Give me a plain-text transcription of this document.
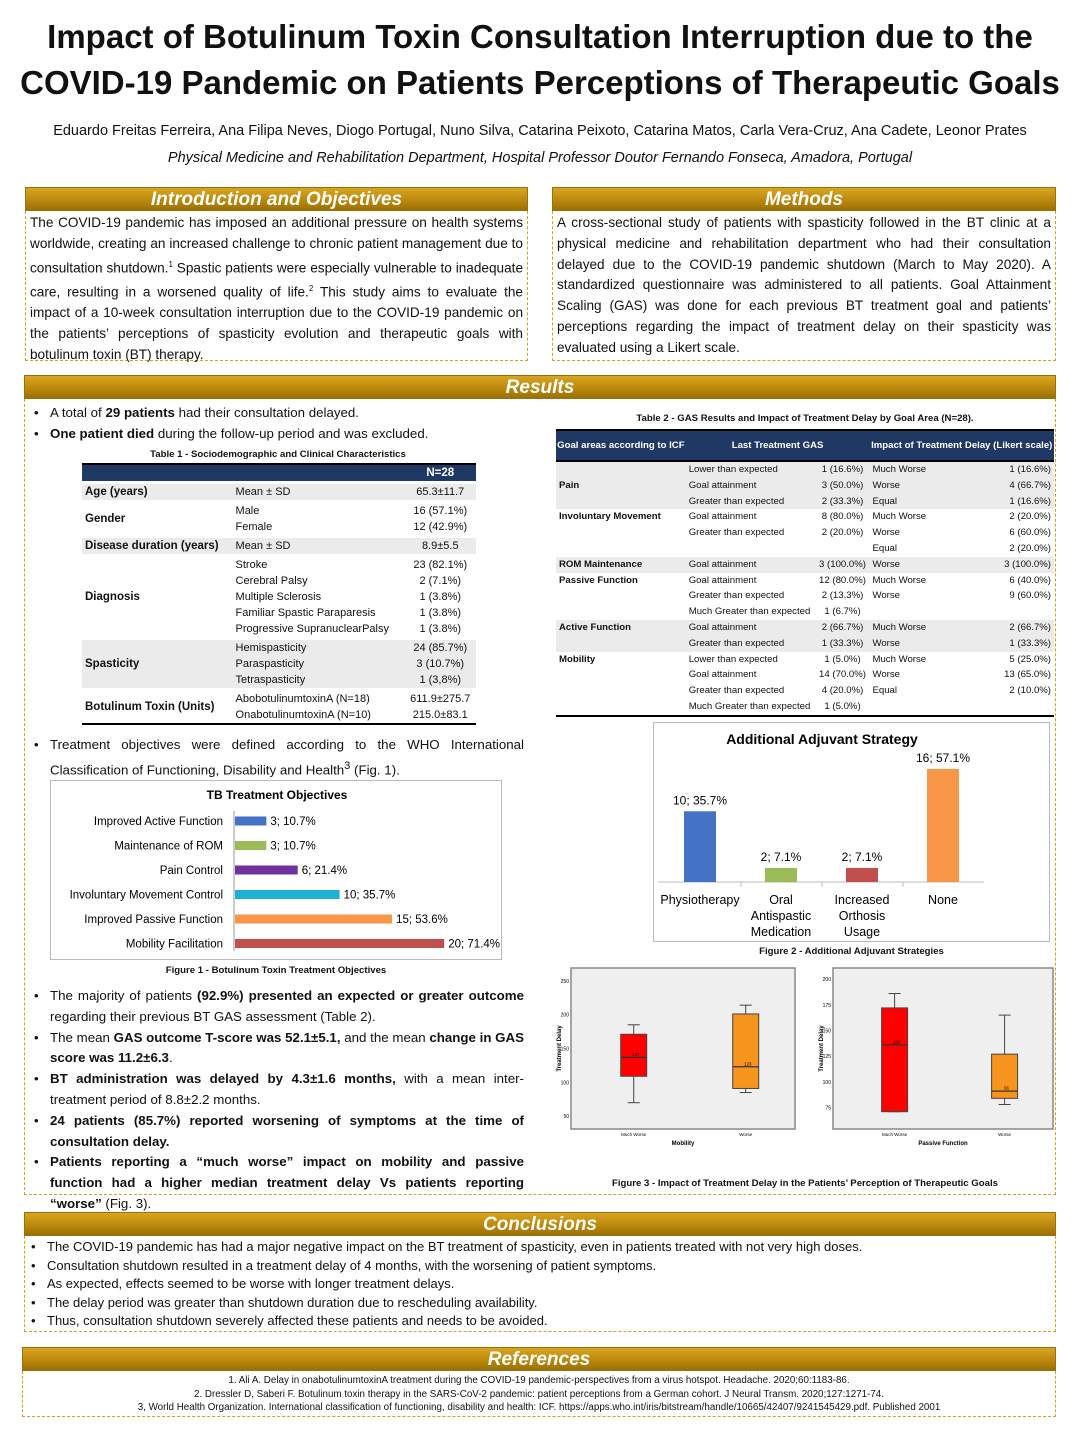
Impact of Botulinum Toxin Consultation Interruption due to the
COVID-19 Pandemic on Patients Perceptions of Therapeutic Goals
Eduardo Freitas Ferreira, Ana Filipa Neves, Diogo Portugal, Nuno Silva, Catarina Peixoto, Catarina Matos, Carla Vera-Cruz, Ana Cadete, Leonor Prates
Physical Medicine and Rehabilitation Department, Hospital Professor Doutor Fernando Fonseca, Amadora, Portugal
Introduction and Objectives
The COVID-19 pandemic has imposed an additional pressure on health systems worldwide, creating an increased challenge to chronic patient management due to consultation shutdown.$^1$ Spastic patients were especially vulnerable to inadequate care, resulting in a worsened quality of life.$^2$ This study aims to evaluate the impact of a 10-week consultation interruption due to the COVID-19 pandemic on the patients’ perceptions of spasticity evolution and therapeutic goals with botulinum toxin (BT) therapy.
Methods
A cross-sectional study of patients with spasticity followed in the BT clinic at a physical medicine and rehabilitation department who had their consultation delayed due to the COVID-19 pandemic shutdown (March to May 2020). A standardized questionnaire was administered to all patients. Goal Attainment Scaling (GAS) was done for each previous BT treatment goal and patients’ perceptions regarding the impact of treatment delay on their spasticity was evaluated using a Likert scale.
Results
• A total of 29 patients had their consultation delayed.
• One patient died during the follow-up period and was excluded.
Table 1 - Sociodemographic and Clinical Characteristics
		N=28
Age (years)	Mean ± SD	65.3±11.7
Gender	Male	16 (57.1%)
	Female	12 (42.9%)
Disease duration (years)	Mean ± SD	8.9±5.5
Diagnosis	Stroke	23 (82.1%)
	Cerebral Palsy	2 (7.1%)
	Multiple Sclerosis	1 (3.8%)
	Familiar Spastic Paraparesis	1 (3.8%)
	Progressive SupranuclearPalsy	1 (3.8%)
Spasticity	Hemispasticity	24 (85.7%)
	Paraspasticity	3 (10.7%)
	Tetraspasticity	1 (3,8%)
Botulinum Toxin (Units)	AbobotulinumtoxinA (N=18)	611.9±275.7
	OnabotulinumtoxinA (N=10)	215.0±83.1
• Treatment objectives were defined according to the WHO International Classification of Functioning, Disability and Health$^3$ (Fig. 1).
TB Treatment Objectives
Improved Active Function	3; 10.7%
Maintenance of ROM	3; 10.7%
Pain Control	6; 21.4%
Involuntary Movement Control	10; 35.7%
Improved Passive Function	15; 53.6%
Mobility Facilitation	20; 71.4%
Figure 1 - Botulinum Toxin Treatment Objectives
• The majority of patients (92.9%) presented an expected or greater outcome regarding their previous BT GAS assessment (Table 2).
• The mean GAS outcome T-score was 52.1±5.1, and the mean change in GAS score was 11.2±6.3.
• BT administration was delayed by 4.3±1.6 months, with a mean inter-treatment period of 8.8±2.2 months.
• 24 patients (85.7%) reported worsening of symptoms at the time of consultation delay.
• Patients reporting a “much worse” impact on mobility and passive function had a higher median treatment delay Vs patients reporting “worse” (Fig. 3).
Table 2 - GAS Results and Impact of Treatment Delay by Goal Area (N=28).
Goal areas according to ICF	Last Treatment GAS		Impact of Treatment Delay (Likert scale)	
Pain	Lower than expected	1 (16.6%)	Much Worse	1 (16.6%)
	Goal attainment	3 (50.0%)	Worse	4 (66.7%)
	Greater than expected	2 (33.3%)	Equal	1 (16.6%)
Involuntary Movement	Goal attainment	8 (80.0%)	Much Worse	2 (20.0%)
	Greater than expected	2 (20.0%)	Worse	6 (60.0%)
			Equal	2 (20.0%)
ROM Maintenance	Goal attainment	3 (100.0%)	Worse	3 (100.0%)
Passive Function	Goal attainment	12 (80.0%)	Much Worse	6 (40.0%)
	Greater than expected	2 (13.3%)	Worse	9 (60.0%)
	Much Greater than expected	1 (6.7%)		
Active Function	Goal attainment	2 (66.7%)	Much Worse	2 (66.7%)
	Greater than expected	1 (33.3%)	Worse	1 (33.3%)
Mobility	Lower than expected	1 (5.0%)	Much Worse	5 (25.0%)
	Goal attainment	14 (70.0%)	Worse	13 (65.0%)
	Greater than expected	4 (20.0%)	Equal	2 (10.0%)
	Much Greater than expected	1 (5.0%)		
Additional Adjuvant Strategy
10; 35.7%
Physiotherapy
2; 7.1%
Oral
Antispastic
Medication
2; 7.1%
Increased
Orthosis
Usage
16; 57.1%
None
Figure 2 - Additional Adjuvant Strategies
50
100
150
200
250
Treatment Delay
Mobility
137
Much Worse
123
Worse
75
100
125
150
175
200
Treatment Delay
Passive Function
136
Much Worse
91
Worse
Figure 3 - Impact of Treatment Delay in the Patients’ Perception of Therapeutic Goals
Conclusions
• The COVID-19 pandemic has had a major negative impact on the BT treatment of spasticity, even in patients treated with not very high doses.
• Consultation shutdown resulted in a treatment delay of 4 months, with the worsening of patient symptoms.
• As expected, effects seemed to be worse with longer treatment delays.
• The delay period was greater than shutdown duration due to rescheduling availability.
• Thus, consultation shutdown severely affected these patients and needs to be avoided.
References
1. Ali A. Delay in onabotulinumtoxinA treatment during the COVID-19 pandemic-perspectives from a virus hotspot. Headache. 2020;60:1183-86.
2. Dressler D, Saberi F. Botulinum toxin therapy in the SARS-CoV-2 pandemic: patient perceptions from a German cohort. J Neural Transm. 2020;127:1271-74.
3, World Health Organization. International classification of functioning, disability and health: ICF. https://apps.who.int/iris/bitstream/handle/10665/42407/9241545429.pdf. Published 2001
